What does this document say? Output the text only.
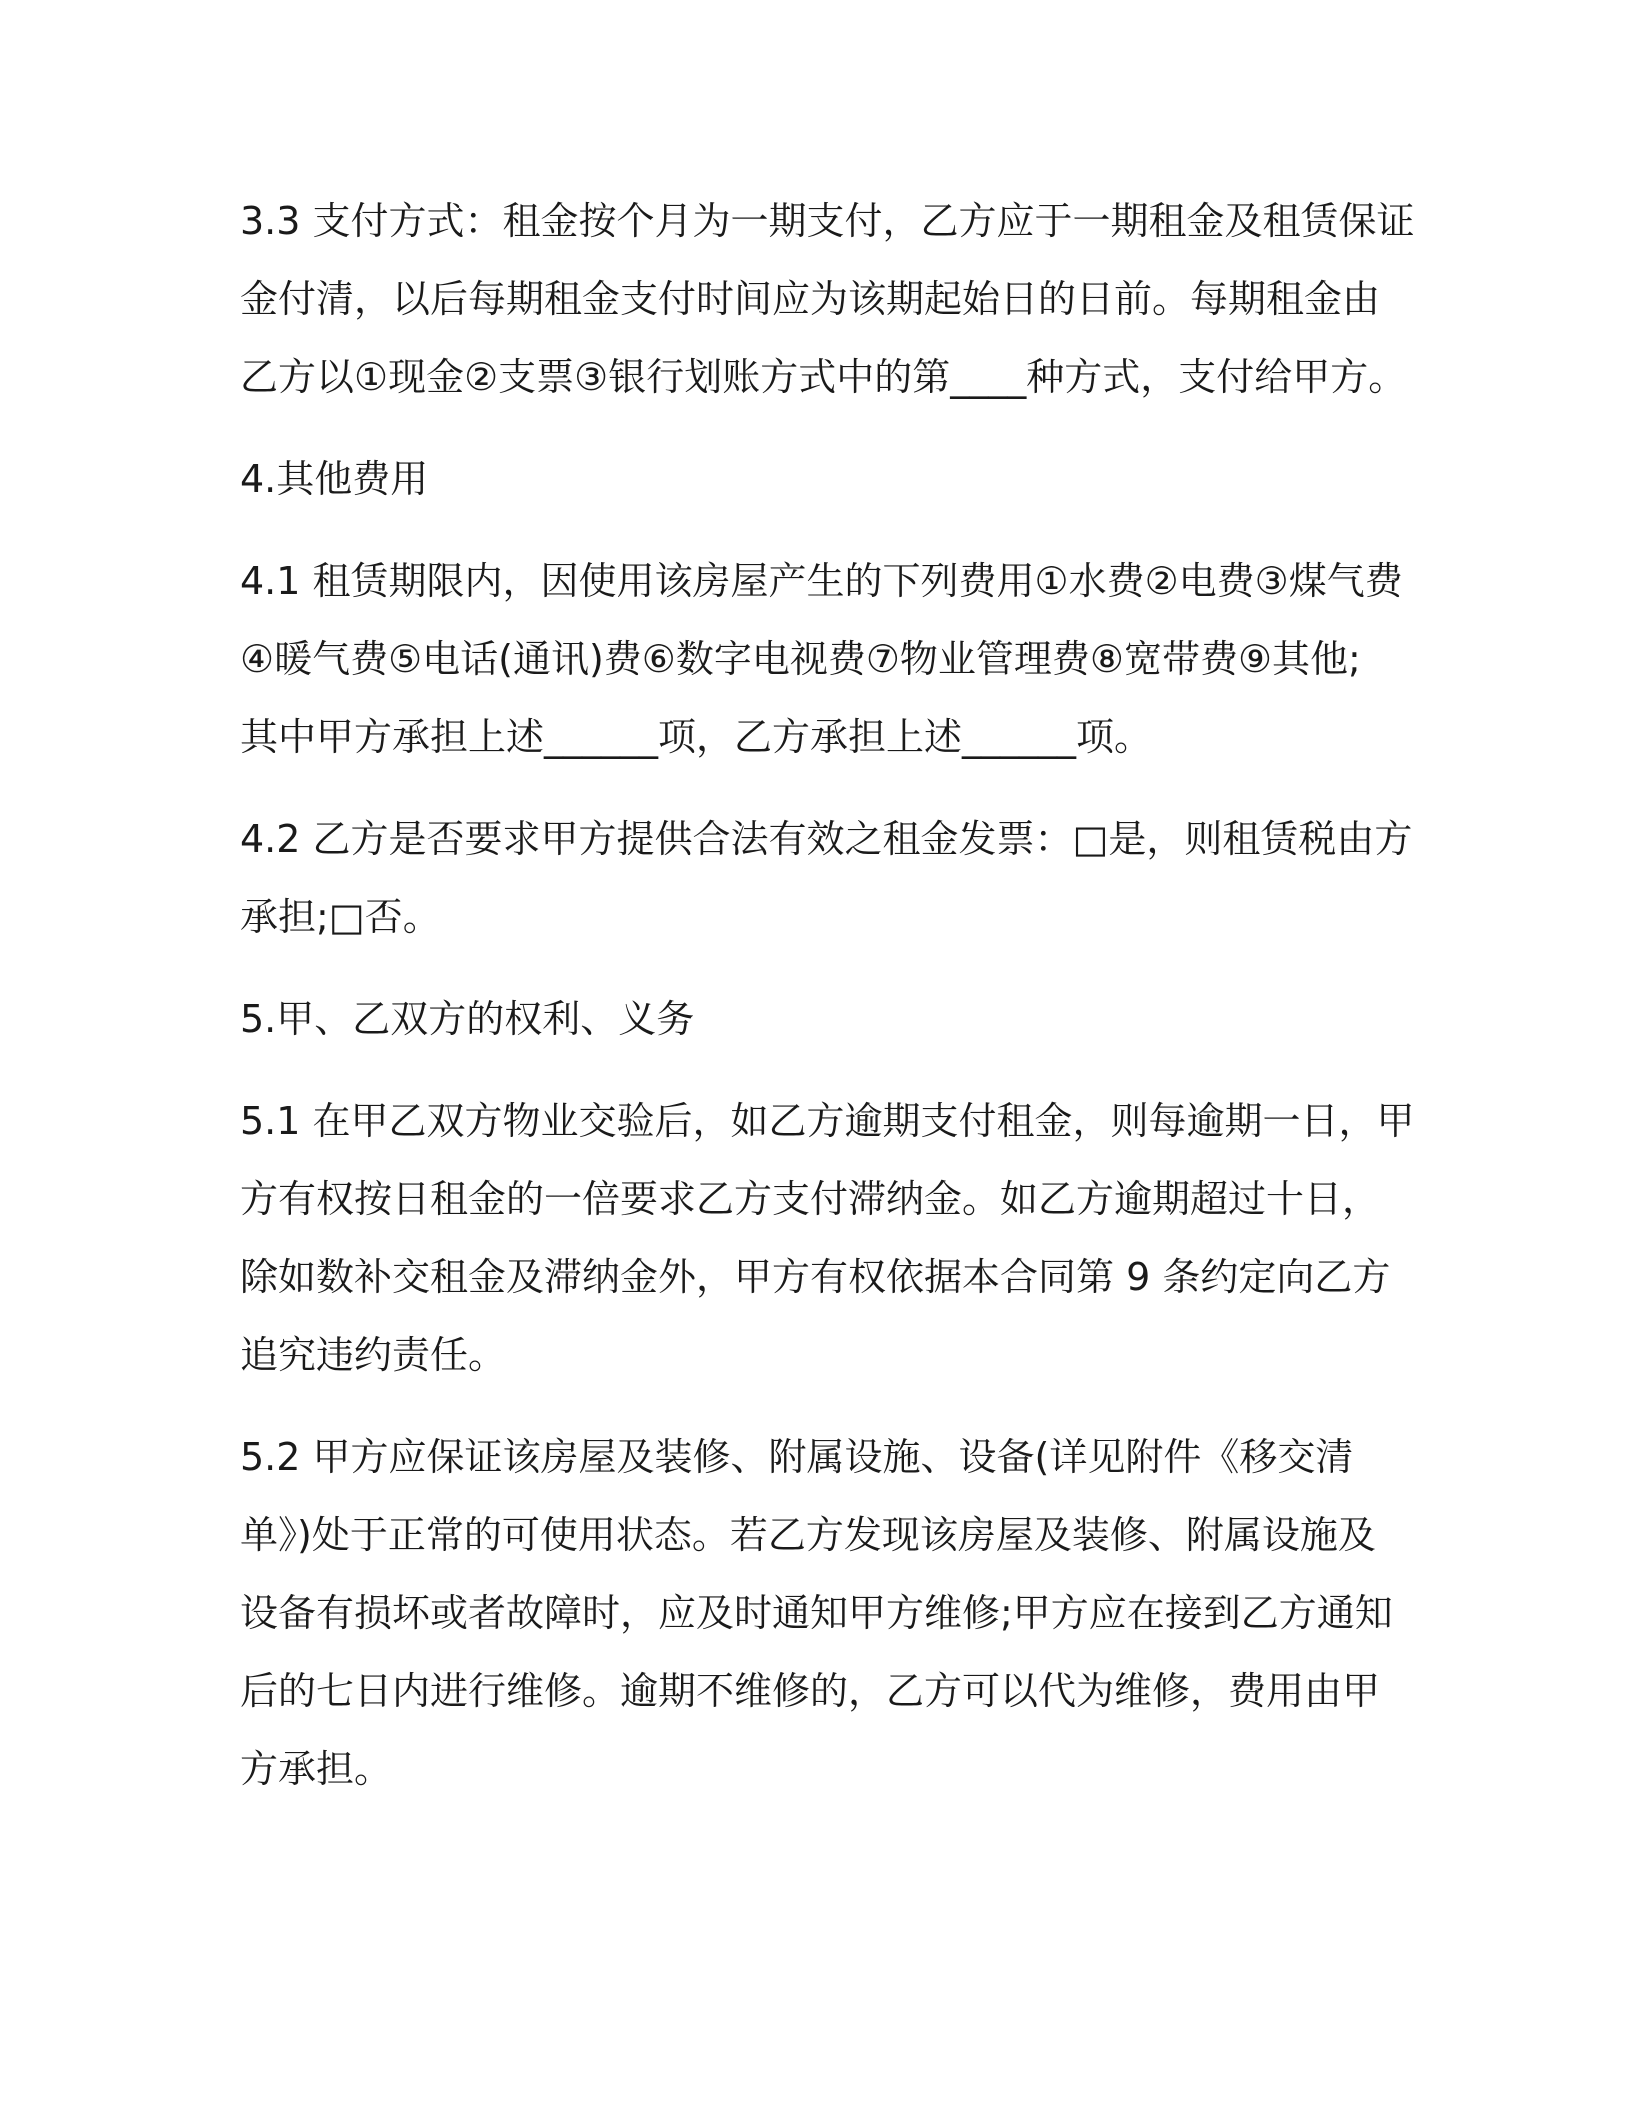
3.3 支付方式：租金按个月为一期支付，乙方应于一期租金及租赁保证
金付清，以后每期租金支付时间应为该期起始日的日前。每期租金由
乙方以①现金②支票③银行划账方式中的第____种方式，支付给甲方。
4.其他费用
4.1 租赁期限内，因使用该房屋产生的下列费用①水费②电费③煤气费
④暖气费⑤电话(通讯)费⑥数字电视费⑦物业管理费⑧宽带费⑨其他;
其中甲方承担上述______项，乙方承担上述______项。
4.2 乙方是否要求甲方提供合法有效之租金发票：□是，则租赁税由方
承担;□否。
5.甲、乙双方的权利、义务
5.1 在甲乙双方物业交验后，如乙方逾期支付租金，则每逾期一日，甲
方有权按日租金的一倍要求乙方支付滞纳金。如乙方逾期超过十日，
除如数补交租金及滞纳金外，甲方有权依据本合同第 9 条约定向乙方
追究违约责任。
5.2 甲方应保证该房屋及装修、附属设施、设备(详见附件《移交清
单》)处于正常的可使用状态。若乙方发现该房屋及装修、附属设施及
设备有损坏或者故障时，应及时通知甲方维修;甲方应在接到乙方通知
后的七日内进行维修。逾期不维修的，乙方可以代为维修，费用由甲
方承担。
